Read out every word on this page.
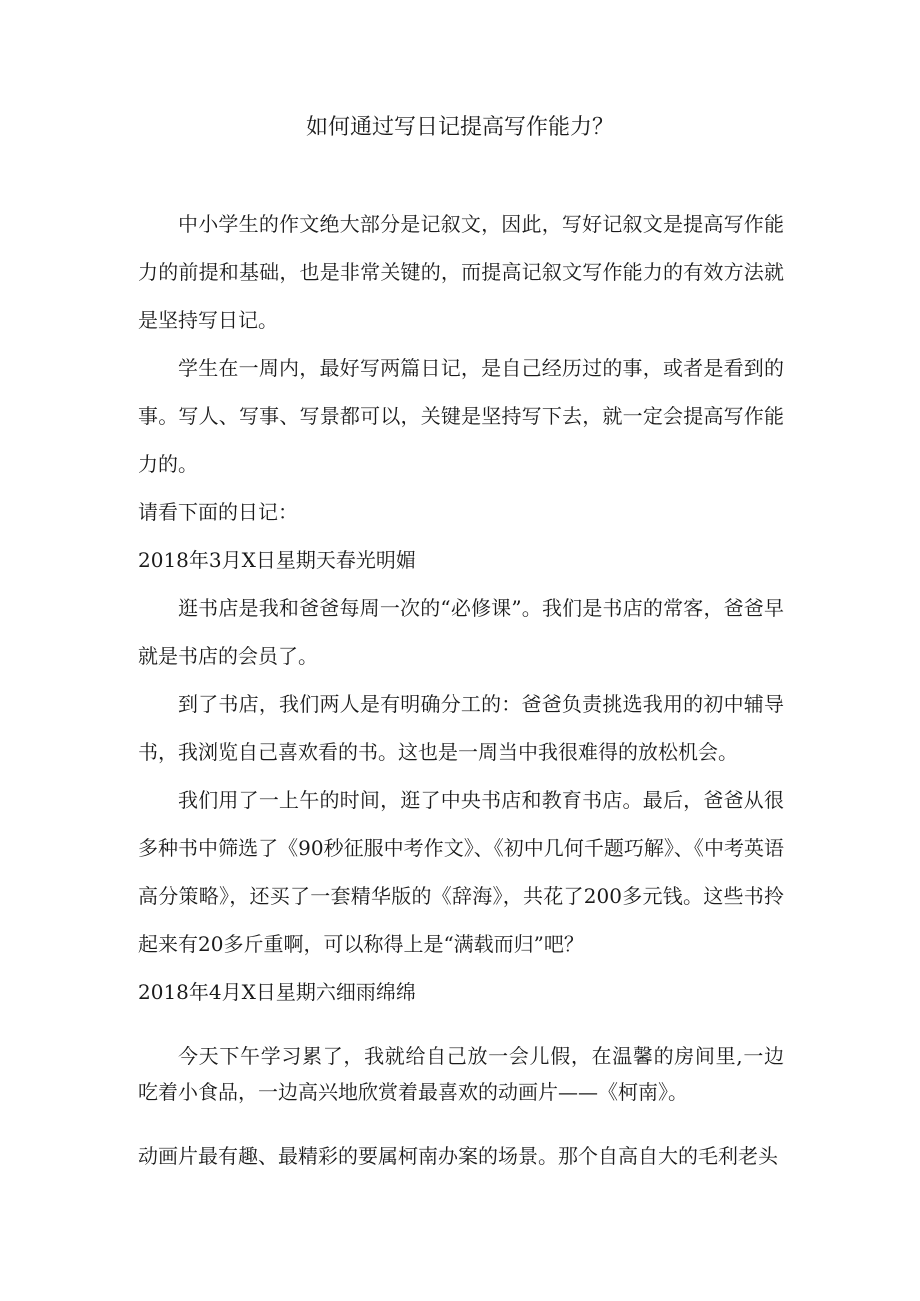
如何通过写日记提高写作能力？

中小学生的作文绝大部分是记叙文，因此，写好记叙文是提高写作能力的前提和基础，也是非常关键的，而提高记叙文写作能力的有效方法就是坚持写日记。

学生在一周内，最好写两篇日记，是自己经历过的事，或者是看到的事。写人、写事、写景都可以，关键是坚持写下去，就一定会提高写作能力的。

请看下面的日记：

2018年3月X日星期天春光明媚

逛书店是我和爸爸每周一次的“必修课”。我们是书店的常客，爸爸早就是书店的会员了。

到了书店，我们两人是有明确分工的：爸爸负责挑选我用的初中辅导书，我浏览自己喜欢看的书。这也是一周当中我很难得的放松机会。

我们用了一上午的时间，逛了中央书店和教育书店。最后，爸爸从很多种书中筛选了《90秒征服中考作文》、《初中几何千题巧解》、《中考英语高分策略》，还买了一套精华版的《辞海》，共花了200多元钱。这些书拎起来有20多斤重啊，可以称得上是“满载而归”吧？

2018年4月X日星期六细雨绵绵

今天下午学习累了，我就给自己放一会儿假，在温馨的房间里,一边吃着小食品，一边高兴地欣赏着最喜欢的动画片——《柯南》。

动画片最有趣、最精彩的要属柯南办案的场景。那个自高自大的毛利老头
